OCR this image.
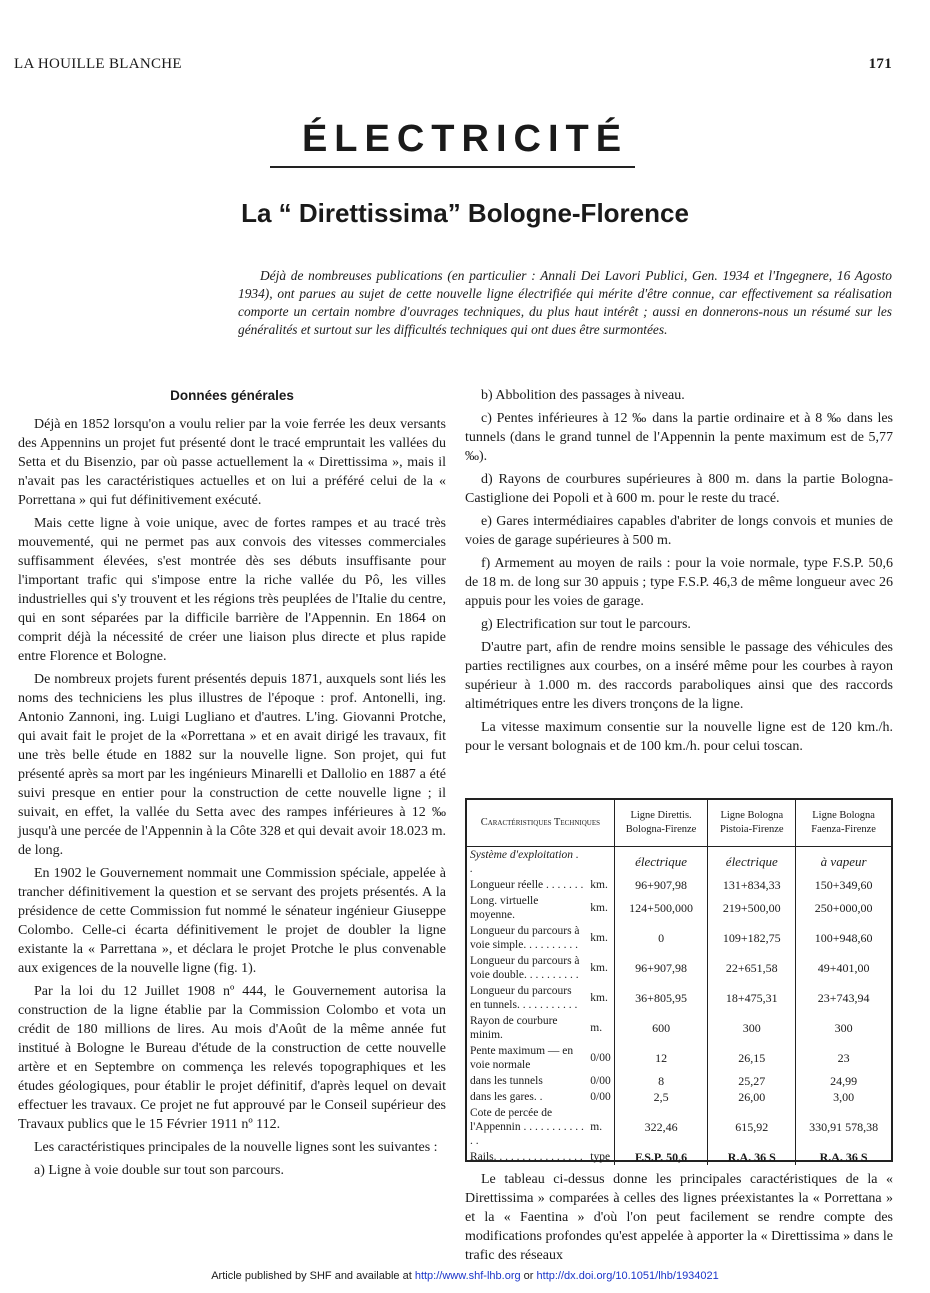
LA HOUILLE BLANCHE	171
ÉLECTRICITÉ
La “ Direttissima” Bologne-Florence
Déjà de nombreuses publications (en particulier : Annali Dei Lavori Publici, Gen. 1934 et l'Ingegnere, 16 Agosto 1934), ont parues au sujet de cette nouvelle ligne électrifiée qui mérite d'être connue, car effectivement sa réalisation comporte un certain nombre d'ouvrages techniques, du plus haut intérêt ; aussi en donnerons-nous un résumé sur les généralités et surtout sur les difficultés techniques qui ont dues être surmontées.
Données générales

Déjà en 1852 lorsqu'on a voulu relier par la voie ferrée les deux versants des Appennins un projet fut présenté dont le tracé empruntait les vallées du Setta et du Bisenzio, par où passe actuellement la « Direttissima », mais il n'avait pas les caractéristiques actuelles et on lui a préféré celui de la « Porrettana » qui fut définitivement exécuté.

Mais cette ligne à voie unique, avec de fortes rampes et au tracé très mouvementé, qui ne permet pas aux convois des vitesses commerciales suffisamment élevées, s'est montrée dès ses débuts insuffisante pour l'important trafic qui s'impose entre la riche vallée du Pô, les villes industrielles qui s'y trouvent et les régions très peuplées de l'Italie du centre, qui en sont séparées par la difficile barrière de l'Appennin. En 1864 on comprit déjà la nécessité de créer une liaison plus directe et plus rapide entre Florence et Bologne.

De nombreux projets furent présentés depuis 1871, auxquels sont liés les noms des techniciens les plus illustres de l'époque : prof. Antonelli, ing. Antonio Zannoni, ing. Luigi Lugliano et d'autres. L'ing. Giovanni Protche, qui avait fait le projet de la «Porrettana » et en avait dirigé les travaux, fit une très belle étude en 1882 sur la nouvelle ligne. Son projet, qui fut présenté après sa mort par les ingénieurs Minarelli et Dallolio en 1887 a été suivi presque en entier pour la construction de cette nouvelle ligne ; il suivait, en effet, la vallée du Setta avec des rampes inférieures à 12 ‰ jusqu'à une percée de l'Appennin à la Côte 328 et qui devait avoir 18.023 m. de long.

En 1902 le Gouvernement nommait une Commission spéciale, appelée à trancher définitivement la question et se servant des projets présentés. A la présidence de cette Commission fut nommé le sénateur ingénieur Giuseppe Colombo. Celle-ci écarta définitivement le projet de doubler la ligne existante la « Parrettana », et déclara le projet Protche le plus convenable aux exigences de la nouvelle ligne (fig. 1).

Par la loi du 12 Juillet 1908 nº 444, le Gouvernement autorisa la construction de la ligne établie par la Commission Colombo et vota un crédit de 180 millions de lires. Au mois d'Août de la même année fut institué à Bologne le Bureau d'étude de la construction de cette nouvelle artère et en Septembre on commença les relevés topographiques et les études géologiques, pour établir le projet définitif, d'après lequel on devait effectuer les travaux. Ce projet ne fut approuvé par le Conseil supérieur des Travaux publics que le 15 Février 1911 nº 112.

Les caractéristiques principales de la nouvelle lignes sont les suivantes :

a) Ligne à voie double sur tout son parcours.

b) Abbolition des passages à niveau.

c) Pentes inférieures à 12 ‰ dans la partie ordinaire et à 8 ‰ dans les tunnels (dans le grand tunnel de l'Appennin la pente maximum est de 5,77 ‰).

d) Rayons de courbures supérieures à 800 m. dans la partie Bologna-Castiglione dei Popoli et à 600 m. pour le reste du tracé.

e) Gares intermédiaires capables d'abriter de longs convois et munies de voies de garage supérieures à 500 m.

f) Armement au moyen de rails : pour la voie normale, type F.S.P. 50,6 de 18 m. de long sur 30 appuis ; type F.S.P. 46,3 de même longueur avec 26 appuis pour les voies de garage.

g) Electrification sur tout le parcours.

D'autre part, afin de rendre moins sensible le passage des véhicules des parties rectilignes aux courbes, on a inséré même pour les courbes à rayon supérieur à 1.000 m. des raccords paraboliques ainsi que des raccords altimétriques entre les divers tronçons de la ligne.

La vitesse maximum consentie sur la nouvelle ligne est de 120 km./h. pour le versant bolognais et de 100 km./h. pour celui toscan.

Caractéristiques Techniques		Ligne Direttis. Bologna-Firenze	Ligne Bologna Pistoia-Firenze	Ligne Bologna Faenza-Firenze
Système d'exploitation . .		électrique	électrique	à vapeur
Longueur réelle . . . . . . .	km.	96+907,98	131+834,33	150+349,60
Long. virtuelle moyenne.	km.	124+500,000	219+500,00	250+000,00
Longueur du parcours à voie simple. . . . . . . . . .	km.	0	109+182,75	100+948,60
Longueur du parcours à voie double. . . . . . . . . .	km.	96+907,98	22+651,58	49+401,00
Longueur du parcours en tunnels. . . . . . . . . . .	km.	36+805,95	18+475,31	23+743,94
Rayon de courbure minim.	m.	600	300	300
Pente maximum — en voie normale	0/00	12	26,15	23
dans les tunnels	0/00	8	25,27	24,99
dans les gares. .	0/00	2,5	26,00	3,00
Cote de percée de l'Appennin . . . . . . . . . . . . .	m.	322,46	615,92	330,91 578,38
Rails. . . . . . . . . . . . . . . .	type	F.S.P. 50,6	R.A. 36 S	R.A. 36 S

Le tableau ci-dessus donne les principales caractéristiques de la « Direttissima » comparées à celles des lignes préexistantes la « Porrettana » et la « Faentina » d'où l'on peut facilement se rendre compte des modifications profondes qu'est appelée à apporter la « Direttissima » dans le trafic des réseaux

Article published by SHF and available at http://www.shf-lhb.org or http://dx.doi.org/10.1051/lhb/1934021
